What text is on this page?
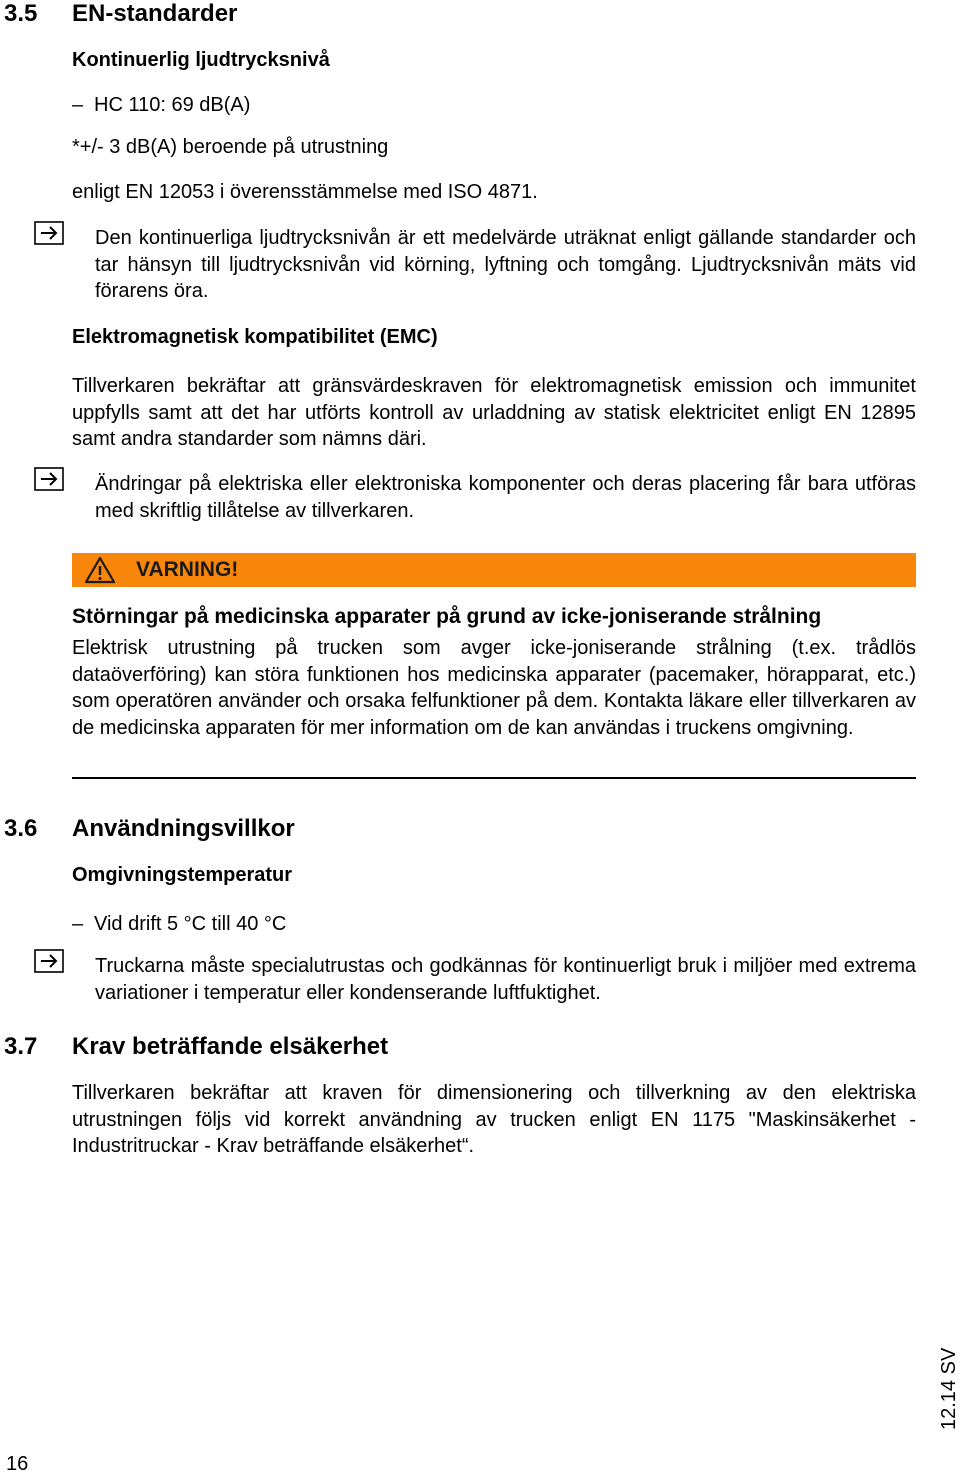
3.5 EN-standarder
Kontinuerlig ljudtrycksnivå
– HC 110: 69 dB(A)
*+/- 3 dB(A) beroende på utrustning
enligt EN 12053 i överensstämmelse med ISO 4871.
Den kontinuerliga ljudtrycksnivån är ett medelvärde uträknat enligt gällande standarder och tar hänsyn till ljudtrycksnivån vid körning, lyftning och tomgång. Ljudtrycksnivån mäts vid förarens öra.
Elektromagnetisk kompatibilitet (EMC)
Tillverkaren bekräftar att gränsvärdeskraven för elektromagnetisk emission och immunitet uppfylls samt att det har utförts kontroll av urladdning av statisk elektricitet enligt EN 12895 samt andra standarder som nämns däri.
Ändringar på elektriska eller elektroniska komponenter och deras placering får bara utföras med skriftlig tillåtelse av tillverkaren.
VARNING!
Störningar på medicinska apparater på grund av icke-joniserande strålning
Elektrisk utrustning på trucken som avger icke-joniserande strålning (t.ex. trådlös dataöverföring) kan störa funktionen hos medicinska apparater (pacemaker, hörapparat, etc.) som operatören använder och orsaka felfunktioner på dem. Kontakta läkare eller tillverkaren av de medicinska apparaten för mer information om de kan användas i truckens omgivning.
3.6 Användningsvillkor
Omgivningstemperatur
– Vid drift 5 °C till 40 °C
Truckarna måste specialutrustas och godkännas för kontinuerligt bruk i miljöer med extrema variationer i temperatur eller kondenserande luftfuktighet.
3.7 Krav beträffande elsäkerhet
Tillverkaren bekräftar att kraven för dimensionering och tillverkning av den elektriska utrustningen följs vid korrekt användning av trucken enligt EN 1175 "Maskinsäkerhet - Industritruckar - Krav beträffande elsäkerhet“.
16
12.14 SV
